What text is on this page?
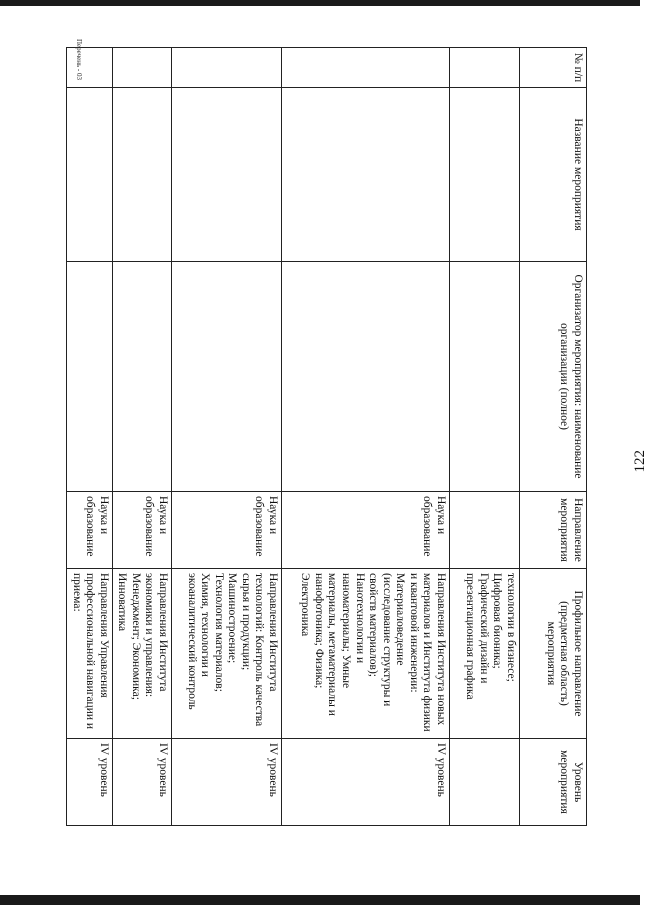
122
№ п/п	Название мероприятия	Организатор мероприятия: наименование организации (полное)	Направление мероприятия	Профильное направление (предметная область) мероприятия	Уровень мероприятия
				технологии в бизнесе;
Цифровая бионика;
Графический дизайн и презентационная графика	
			Наука и образование	Направления Института новых материалов и Института физики и квантовой инженерии: Материаловедение (исследование структуры и свойств материалов); Нанотехнологии и наноматериалы; Умные материалы, метаматериалы и нанофотоника; Физика; Электроника	IV уровень
			Наука и образование	Направления Института технологий: Контроль качества сырья и продукции;
Машиностроение;
Технология материалов;
Химия, технологии и экоаналитический контроль	IV уровень
			Наука и образование	Направления Института экономики и управления: Менеджмент; Экономика; Инноватика	IV уровень
			Наука и образование	Направления Управления профессиональной навигации и приема:	IV уровень
Перечень - 03
